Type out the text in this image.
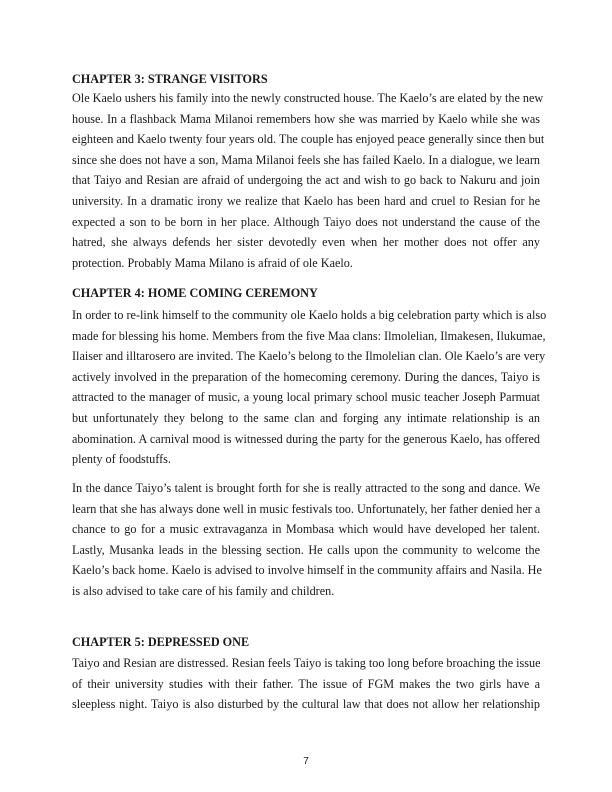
CHAPTER 3: STRANGE VISITORS
Ole Kaelo ushers his family into the newly constructed house. The Kaelo’s are elated by the new
house. In a flashback Mama Milanoi remembers how she was married by Kaelo while she was
eighteen and Kaelo twenty four years old. The couple has enjoyed peace generally since then but
since she does not have a son, Mama Milanoi feels she has failed Kaelo. In a dialogue, we learn
that Taiyo and Resian are afraid of undergoing the act and wish to go back to Nakuru and join
university. In a dramatic irony we realize that Kaelo has been hard and cruel to Resian for he
expected a son to be born in her place. Although Taiyo does not understand the cause of the
hatred, she always defends her sister devotedly even when her mother does not offer any
protection. Probably Mama Milano is afraid of ole Kaelo.
CHAPTER 4: HOME COMING CEREMONY
In order to re-link himself to the community ole Kaelo holds a big celebration party which is also
made for blessing his home. Members from the five Maa clans: Ilmolelian, Ilmakesen, Ilukumae,
Ilaiser and illtarosero are invited. The Kaelo’s belong to the Ilmolelian clan. Ole Kaelo’s are very
actively involved in the preparation of the homecoming ceremony. During the dances, Taiyo is
attracted to the manager of music, a young local primary school music teacher Joseph Parmuat
but unfortunately they belong to the same clan and forging any intimate relationship is an
abomination. A carnival mood is witnessed during the party for the generous Kaelo, has offered
plenty of foodstuffs.
In the dance Taiyo’s talent is brought forth for she is really attracted to the song and dance. We
learn that she has always done well in music festivals too. Unfortunately, her father denied her a
chance to go for a music extravaganza in Mombasa which would have developed her talent.
Lastly, Musanka leads in the blessing section. He calls upon the community to welcome the
Kaelo’s back home. Kaelo is advised to involve himself in the community affairs and Nasila. He
is also advised to take care of his family and children.
CHAPTER 5: DEPRESSED ONE
Taiyo and Resian are distressed. Resian feels Taiyo is taking too long before broaching the issue
of their university studies with their father. The issue of FGM makes the two girls have a
sleepless night. Taiyo is also disturbed by the cultural law that does not allow her relationship
7
